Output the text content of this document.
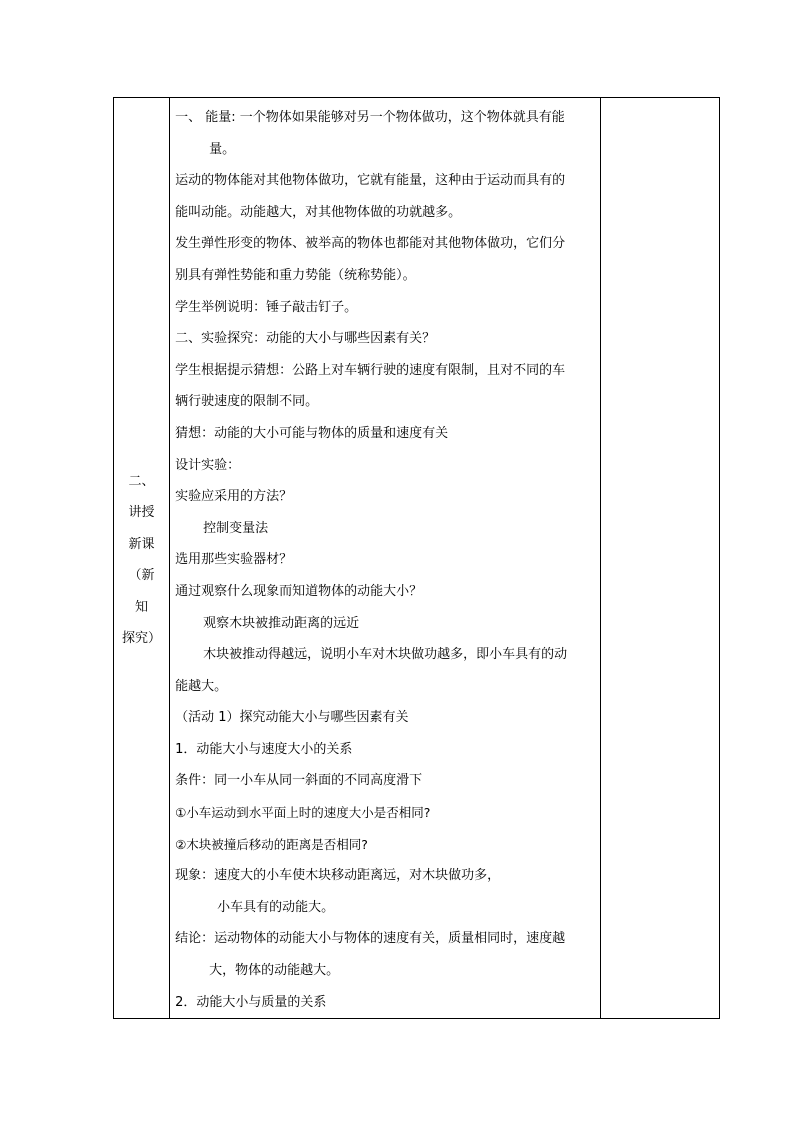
二、
讲授
新课
（新
知
探究）

一、 能量: 一个物体如果能够对另一个物体做功，这个物体就具有能
量。
运动的物体能对其他物体做功，它就有能量，这种由于运动而具有的
能叫动能。动能越大，对其他物体做的功就越多。
发生弹性形变的物体、被举高的物体也都能对其他物体做功，它们分
别具有弹性势能和重力势能（统称势能）。
学生举例说明：锤子敲击钉子。
二、实验探究：动能的大小与哪些因素有关？
学生根据提示猜想：公路上对车辆行驶的速度有限制，且对不同的车
辆行驶速度的限制不同。
猜想：动能的大小可能与物体的质量和速度有关
设计实验：
实验应采用的方法？
控制变量法
选用那些实验器材？
通过观察什么现象而知道物体的动能大小？
观察木块被推动距离的远近
木块被推动得越远，说明小车对木块做功越多，即小车具有的动
能越大。
（活动 1）探究动能大小与哪些因素有关
1．动能大小与速度大小的关系
条件：同一小车从同一斜面的不同高度滑下
①小车运动到水平面上时的速度大小是否相同?
②木块被撞后移动的距离是否相同?
现象：速度大的小车使木块移动距离远，对木块做功多，
小车具有的动能大。
结论：运动物体的动能大小与物体的速度有关，质量相同时，速度越
大，物体的动能越大。
2．动能大小与质量的关系
